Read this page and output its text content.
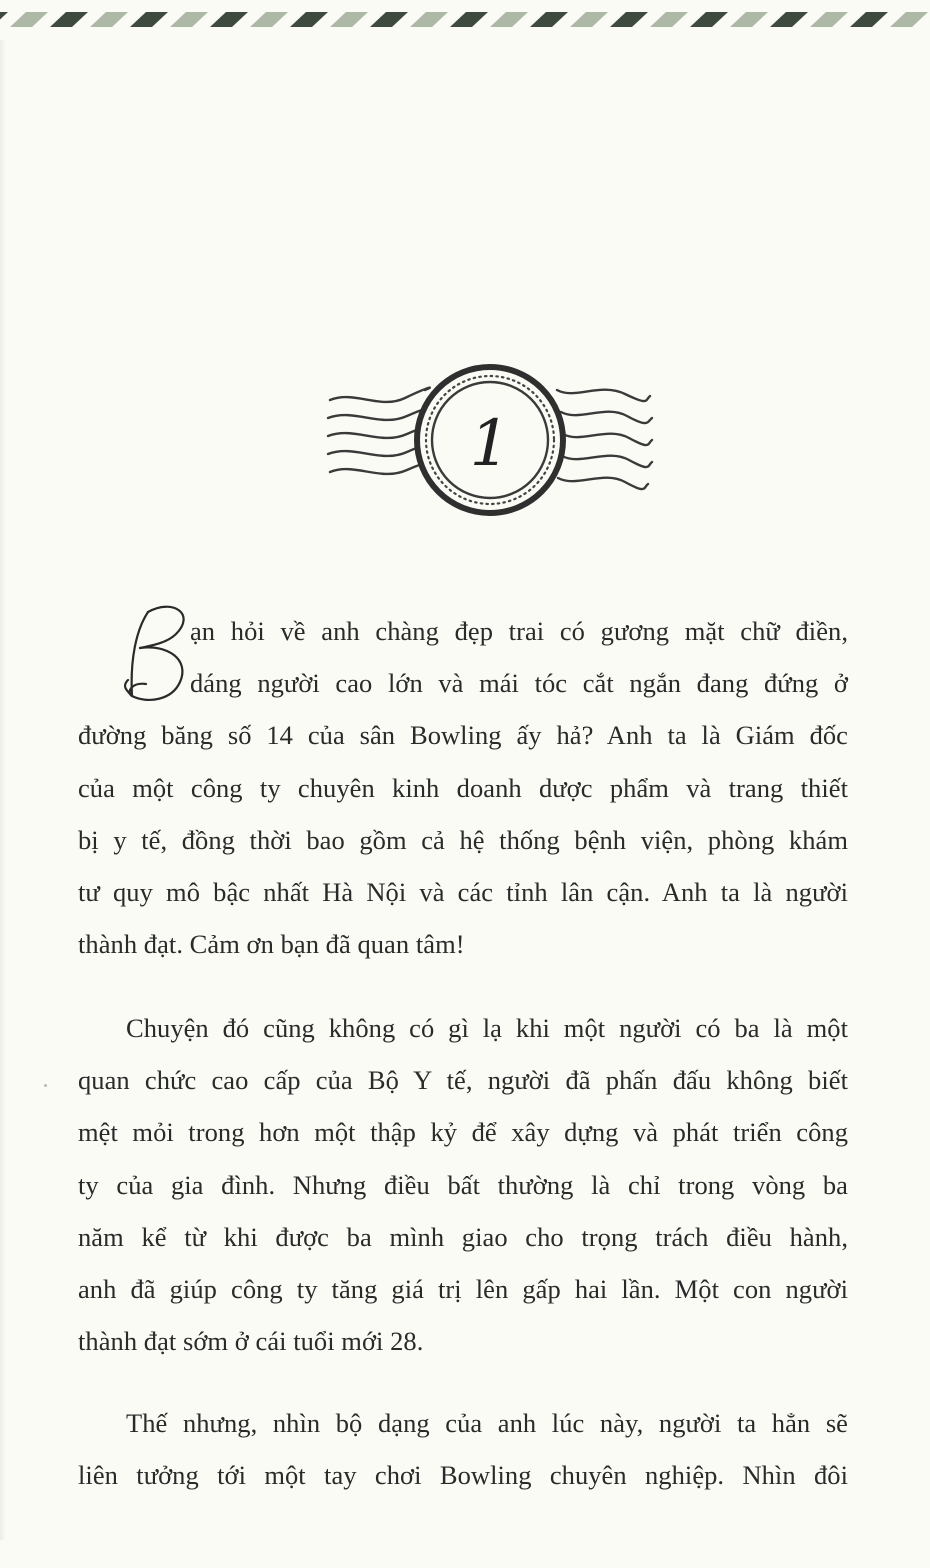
1
ạn hỏi về anh chàng đẹp trai có gương mặt chữ điền,
dáng người cao lớn và mái tóc cắt ngắn đang đứng ở
đường băng số 14 của sân Bowling ấy hả? Anh ta là Giám đốc
của một công ty chuyên kinh doanh dược phẩm và trang thiết
bị y tế, đồng thời bao gồm cả hệ thống bệnh viện, phòng khám
tư quy mô bậc nhất Hà Nội và các tỉnh lân cận. Anh ta là người
thành đạt. Cảm ơn bạn đã quan tâm!
Chuyện đó cũng không có gì lạ khi một người có ba là một
quan chức cao cấp của Bộ Y tế, người đã phấn đấu không biết
mệt mỏi trong hơn một thập kỷ để xây dựng và phát triển công
ty của gia đình. Nhưng điều bất thường là chỉ trong vòng ba
năm kể từ khi được ba mình giao cho trọng trách điều hành,
anh đã giúp công ty tăng giá trị lên gấp hai lần. Một con người
thành đạt sớm ở cái tuổi mới 28.
Thế nhưng, nhìn bộ dạng của anh lúc này, người ta hẳn sẽ
liên tưởng tới một tay chơi Bowling chuyên nghiệp. Nhìn đôi
